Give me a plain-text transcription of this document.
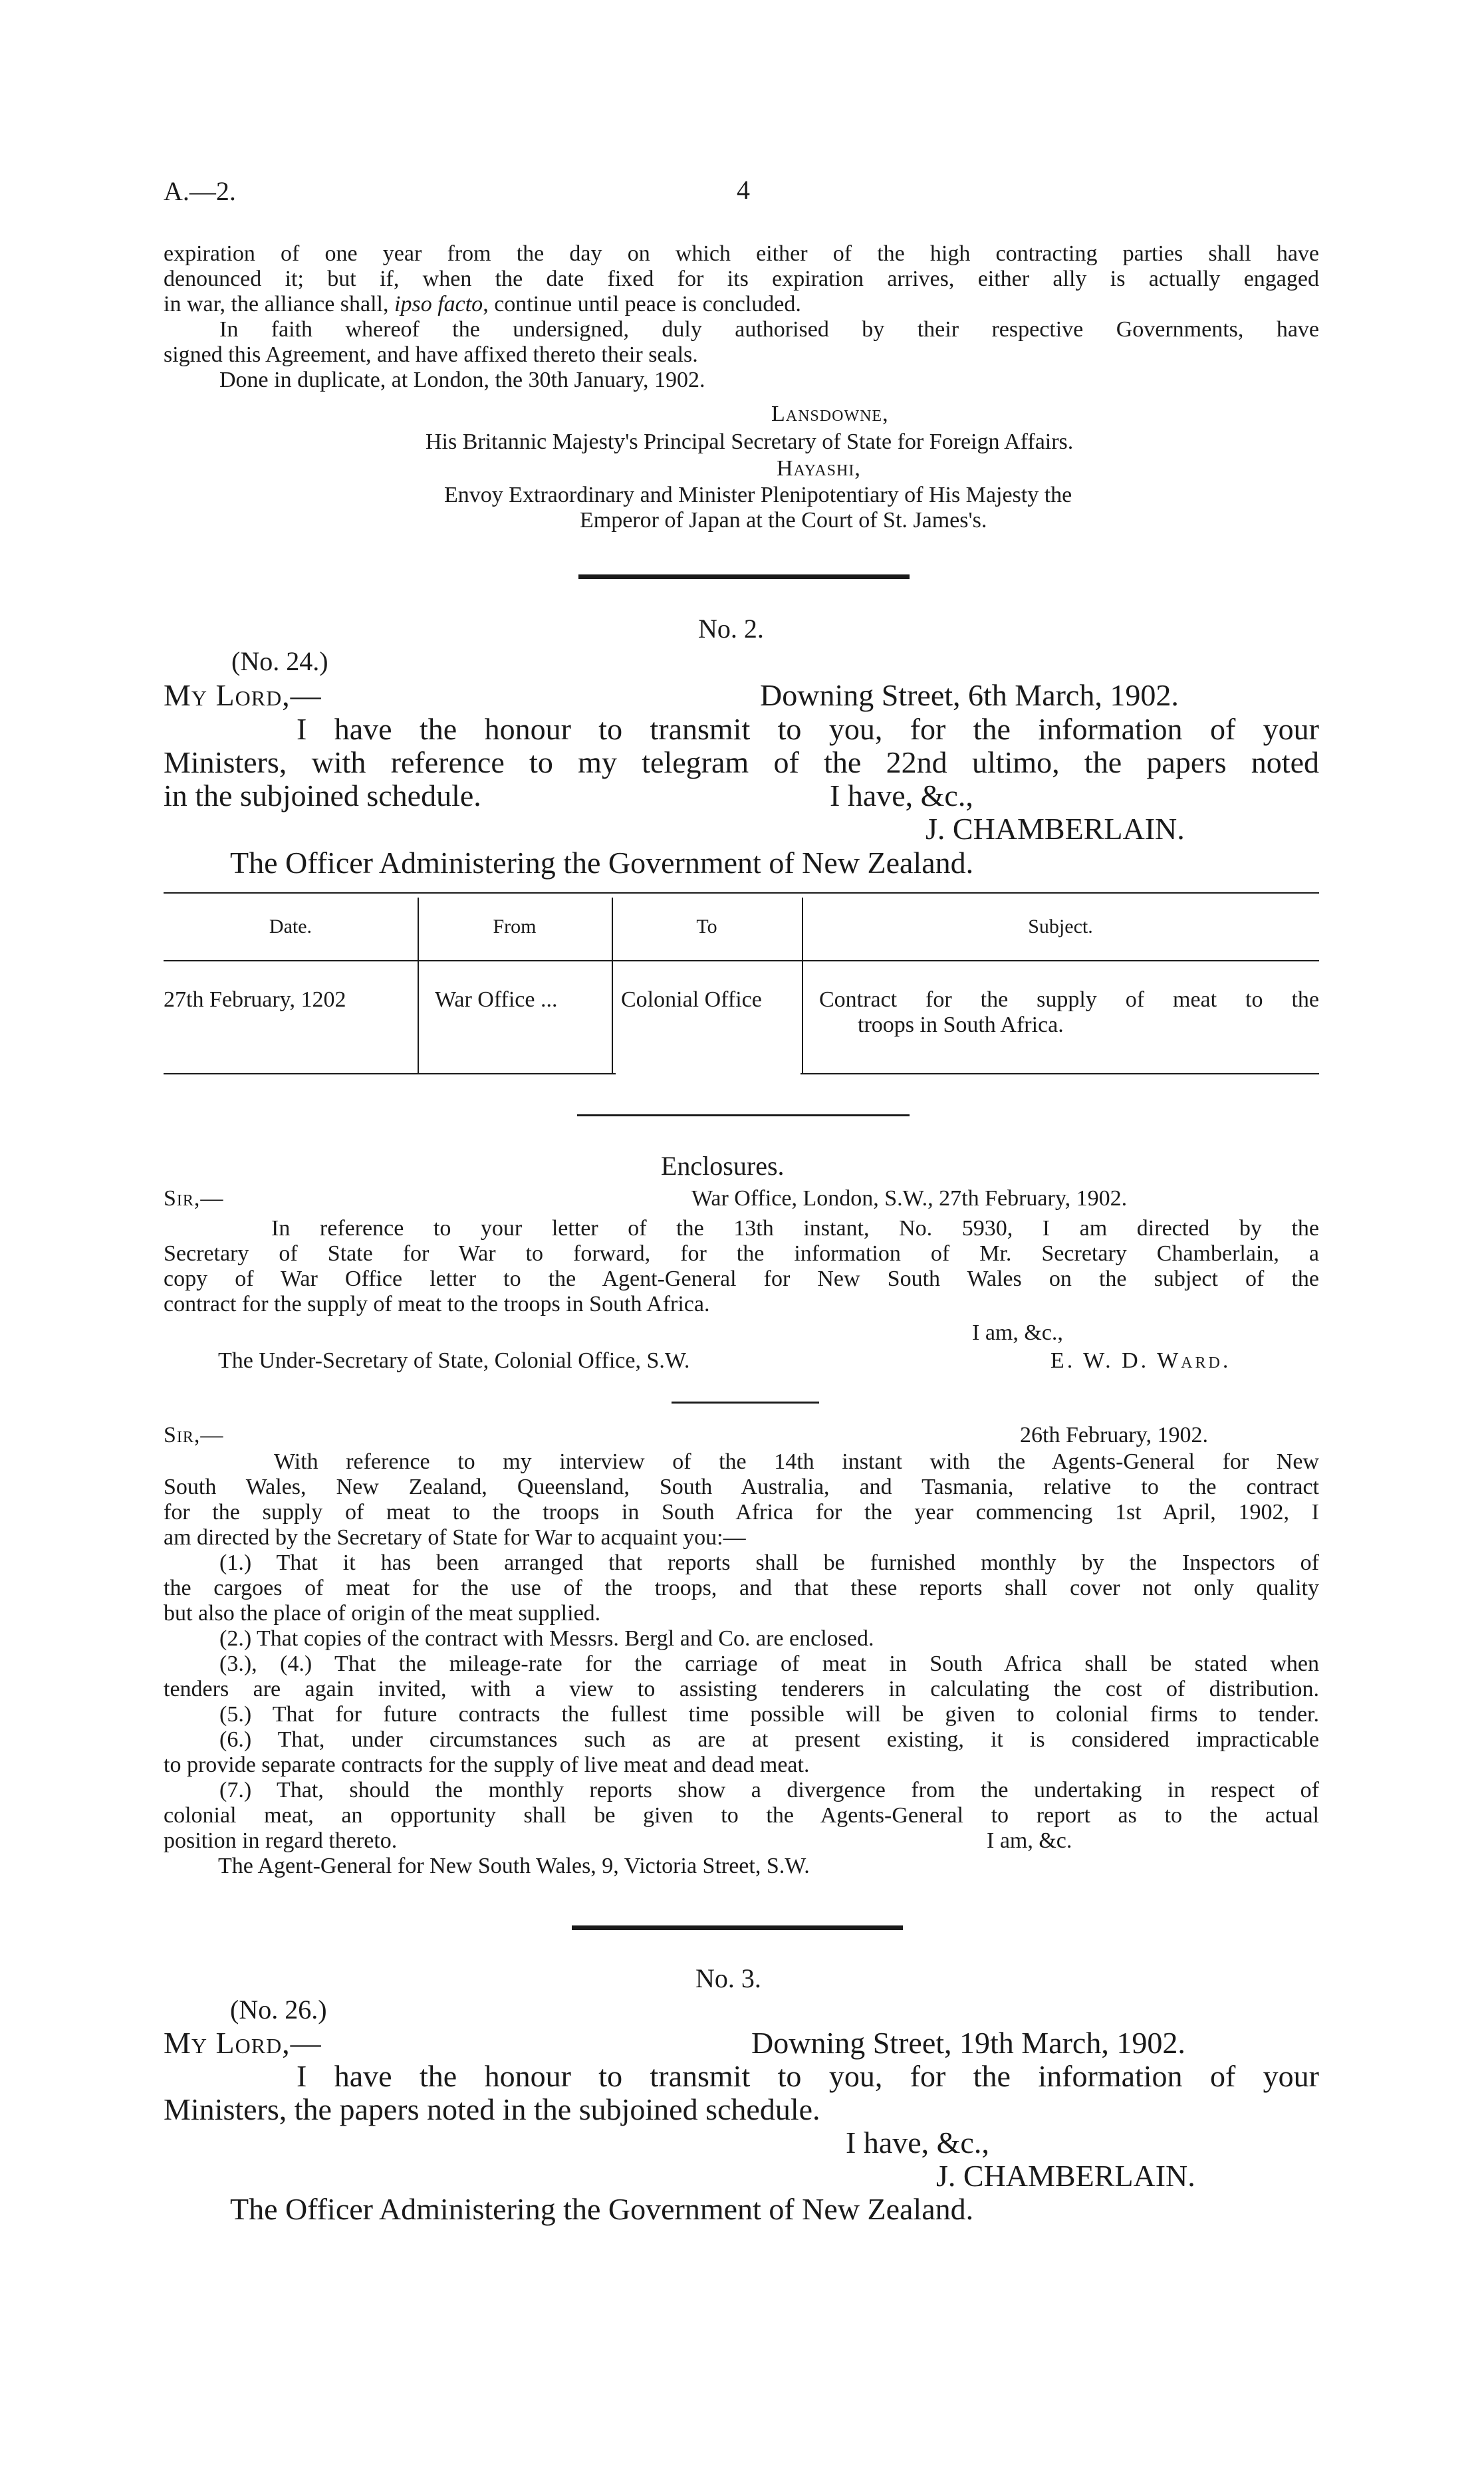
A.—2.	4
expiration of one year from the day on which either of the high contracting parties shall have
denounced it; but if, when the date fixed for its expiration arrives, either ally is actually engaged
in war, the alliance shall, ipso facto, continue until peace is concluded.
In faith whereof the undersigned, duly authorised by their respective Governments, have
signed this Agreement, and have affixed thereto their seals.
Done in duplicate, at London, the 30th January, 1902.
Lansdowne,
His Britannic Majesty's Principal Secretary of State for Foreign Affairs.
Hayashi,
Envoy Extraordinary and Minister Plenipotentiary of His Majesty the
Emperor of Japan at the Court of St. James's.
No. 2.
(No. 24.)
My Lord,—	Downing Street, 6th March, 1902.
I have the honour to transmit to you, for the information of your
Ministers, with reference to my telegram of the 22nd ultimo, the papers noted
in the subjoined schedule.	I have, &c.,
J. CHAMBERLAIN.
The Officer Administering the Government of New Zealand.
Date.	From	To	Subject.
27th February, 1202	War Office ...	Colonial Office	Contract for the supply of meat to the
troops in South Africa.
Enclosures.
Sir,—	War Office, London, S.W., 27th February, 1902.
In reference to your letter of the 13th instant, No. 5930, I am directed by the
Secretary of State for War to forward, for the information of Mr. Secretary Chamberlain, a
copy of War Office letter to the Agent-General for New South Wales on the subject of the
contract for the supply of meat to the troops in South Africa.
I am, &c.,
The Under-Secretary of State, Colonial Office, S.W.	E. W. D. Ward.
Sir,—	26th February, 1902.
With reference to my interview of the 14th instant with the Agents-General for New
South Wales, New Zealand, Queensland, South Australia, and Tasmania, relative to the contract
for the supply of meat to the troops in South Africa for the year commencing 1st April, 1902, I
am directed by the Secretary of State for War to acquaint you:—
(1.) That it has been arranged that reports shall be furnished monthly by the Inspectors of
the cargoes of meat for the use of the troops, and that these reports shall cover not only quality
but also the place of origin of the meat supplied.
(2.) That copies of the contract with Messrs. Bergl and Co. are enclosed.
(3.), (4.) That the mileage-rate for the carriage of meat in South Africa shall be stated when
tenders are again invited, with a view to assisting tenderers in calculating the cost of distribution.
(5.) That for future contracts the fullest time possible will be given to colonial firms to tender.
(6.) That, under circumstances such as are at present existing, it is considered impracticable
to provide separate contracts for the supply of live meat and dead meat.
(7.) That, should the monthly reports show a divergence from the undertaking in respect of
colonial meat, an opportunity shall be given to the Agents-General to report as to the actual
position in regard thereto.	I am, &c.
The Agent-General for New South Wales, 9, Victoria Street, S.W.
No. 3.
(No. 26.)
My Lord,—	Downing Street, 19th March, 1902.
I have the honour to transmit to you, for the information of your
Ministers, the papers noted in the subjoined schedule.
I have, &c.,
J. CHAMBERLAIN.
The Officer Administering the Government of New Zealand.
